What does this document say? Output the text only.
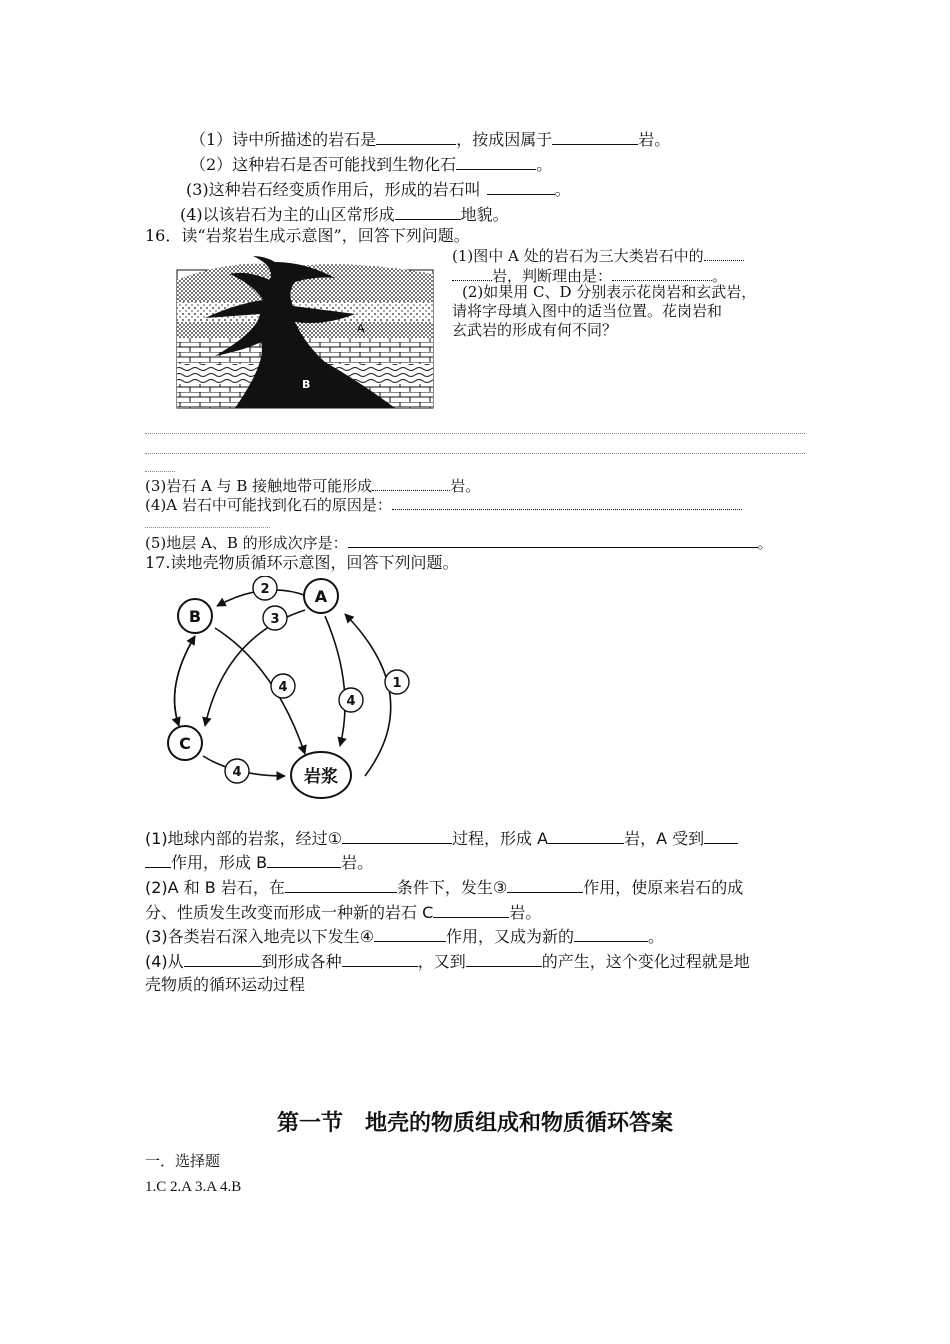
（1）诗中所描述的岩石是	，按成因属于	岩。
（2）这种岩石是否可能找到生物化石	。
(3)这种岩石经变质作用后，形成的岩石叫	。
(4)以该岩石为主的山区常形成	地貌。
16．读“岩浆岩生成示意图”，回答下列问题。
A
B
(1)图中 A 处的岩石为三大类岩石中的
岩，判断理由是：	。
(2)如果用 C、D 分别表示花岗岩和玄武岩，
请将字母填入图中的适当位置。花岗岩和
玄武岩的形成有何不同？
(3)岩石 A 与 B 接触地带可能形成	岩。
(4)A 岩石中可能找到化石的原因是：
(5)地层 A、B 的形成次序是：	。
17.读地壳物质循环示意图，回答下列问题。
A
B
C
岩浆
2
3
4
4
1
4
(1)地球内部的岩浆，经过①	过程，形成 A	岩，A 受到
作用，形成 B	岩。
(2)A 和 B 岩石，在	条件下，发生③	作用，使原来岩石的成
分、性质发生改变而形成一种新的岩石 C	岩。
(3)各类岩石深入地壳以下发生④	作用，又成为新的	。
(4)从	到形成各种	，又到	的产生，这个变化过程就是地
壳物质的循环运动过程
第一节　地壳的物质组成和物质循环答案
一．选择题
1.C 2.A 3.A 4.B
